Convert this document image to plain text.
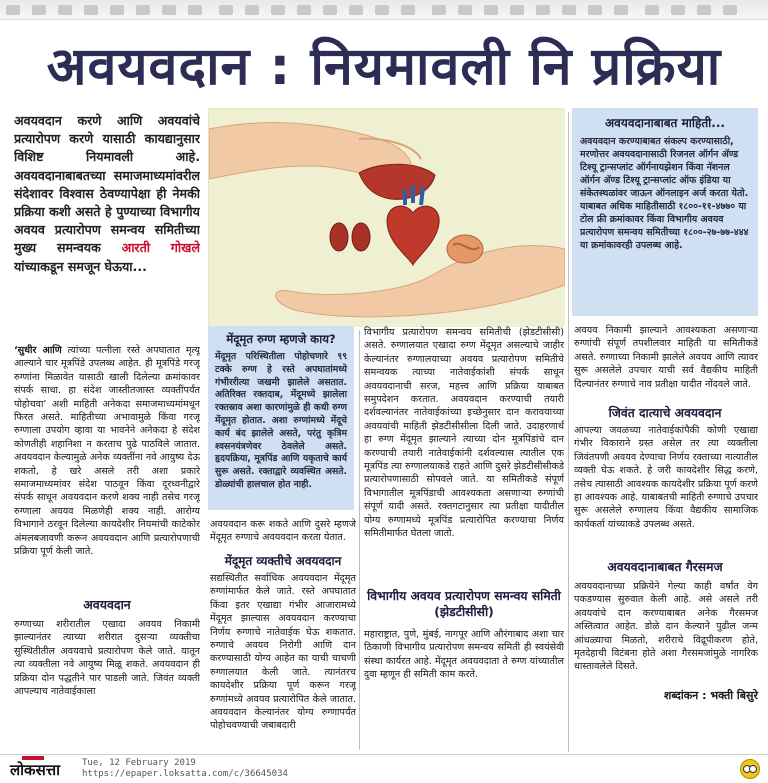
अवयवदान : नियमावली नि प्रक्रिया
अवयवदान करणे आणि अवयवांचे प्रत्यारोपण करणे यासाठी कायद्यानुसार विशिष्ट नियमावली आहे. अवयवदानाबाबतच्या समाजमाध्यमांवरील संदेशावर विश्वास ठेवण्यापेक्षा ही नेमकी प्रक्रिया कशी असते हे पुण्याच्या विभागीय अवयव प्रत्यारोपण समन्वय समितीच्या मुख्य समन्वयक आरती गोखले यांच्याकडून समजून घेऊया...
‘सुधीर आणि त्यांच्या पत्नीला रस्ते अपघातात मृत्यू आल्याने चार मूत्रपिंडे उपलब्ध आहेत. ही मूत्रपिंडे गरजू रुग्णांना मिळावेत यासाठी खाली दिलेल्या क्रमांकावर संपर्क साधा. हा संदेश जास्तीतजास्त व्यक्तींपर्यंत पोहोचवा’ अशी माहिती अनेकदा समाजमाध्यमांमधून फिरत असते. माहितीच्या अभावामुळे किंवा गरजू रुग्णाला उपयोग व्हावा या भावनेने अनेकदा हे संदेश कोणतीही शहानिशा न करताच पुढे पाठविले जातात. अवयवदान केल्यामुळे अनेक व्यक्तींना नवे आयुष्य देऊ शकतो, हे खरे असले तरी अशा प्रकारे समाजमाध्यमांवर संदेश पाठवून किंवा दूरध्वनीद्वारे संपर्क साधून अवयवदान करणे शक्य नाही तसेच गरजू रुग्णाला अवयव मिळणेही शक्य नाही. आरोग्य विभागाने ठरवून दिलेल्या कायदेशीर नियमांची काटेकोर अंमलबजावणी करून अवयवदान आणि प्रत्यारोपणाची प्रक्रिया पूर्ण केली जाते.
अवयवदान
रुग्णाच्या शरीरातील एखादा अवयव निकामी झाल्यानंतर त्याच्या शरीरात दुसऱ्या व्यक्तीचा सुस्थितीतील अवयवाचे प्रत्यारोपण केले जाते. यातून त्या व्यक्तीला नवे आयुष्य मिळू शकते. अवयवदान ही प्रक्रिया दोन पद्धतीने पार पाडली जाते. जिवंत व्यक्ती आपल्याच नातेवाईकाला
मेंदूमृत रुग्ण म्हणजे काय?

मेंदूमृत परिस्थितीला पोहोचणारे ९९ टक्के रुग्ण हे रस्ते अपघातांमध्ये गंभीररीत्या जखमी झालेले असतात. अतिरिक्त रक्तदाब, मेंदूमध्ये झालेला रक्तस्राव अशा कारणांमुळे ही कधी रुग्ण मेंदूमृत होतात. अशा रुग्णांमध्ये मेंदूचे कार्य बंद झालेले असते, परंतु कृत्रिम श्वसनयंत्रणेवर ठेवलेले असते. हृदयक्रिया, मूत्रपिंड आणि यकृताचे कार्य सुरू असते. रक्ताद्वारे व्यवस्थित असते. डोळ्यांची हालचाल होत नाही.

अवयवदान करू शकते आणि दुसरे म्हणजे मेंदूमृत रुग्णाचे अवयवदान करता येतात.
मेंदूमृत व्यक्तीचे अवयवदान
सद्यस्थितीत सर्वाधिक अवयवदान मेंदूमृत रुग्णांमार्फत केले जाते. रस्ते अपघातात किंवा इतर एखाद्या गंभीर आजारामध्ये मेंदूमृत झाल्यास अवयवदान करण्याचा निर्णय रुग्णाचे नातेवाईक घेऊ शकतात. रुग्णाचे अवयव निरोगी आणि दान करण्यासाठी योग्य आहेत का याची चाचणी रुग्णालयात केली जाते. त्यानंतरच कायदेशीर प्रक्रिया पूर्ण करून गरजू रुग्णांमध्ये अवयव प्रत्यारोपित केले जातात. अवयवदान केल्यानंतर योग्य रुग्णापर्यंत पोहोचवण्याची जबाबदारी
विभागीय प्रत्यारोपण समन्वय समितीची (झेडटीसीसी) असते. रुग्णालयात एखादा रुग्ण मेंदूमृत असल्याचे जाहीर केल्यानंतर रुग्णालयाच्या अवयव प्रत्यारोपण समितीचे समन्वयक त्याच्या नातेवाईकांशी संपर्क साधून अवयवदानाची सरज, महत्त्व आणि प्रक्रिया याबाबत समुपदेशन करतात. अवयवदान करण्याची तयारी दर्शवल्यानंतर नातेवाईकांच्या इच्छेनुसार दान करावयाच्या अवयवांची माहिती झेडटीसीसीला दिली जाते. उदाहरणार्थ हा रुग्ण मेंदूमृत झाल्याने त्याच्या दोन मूत्रपिंडांचे दान करण्याची तयारी नातेवाईकांनी दर्शवल्यास त्यातील एक मूत्रपिंड त्या रुग्णालयाकडे राहते आणि दुसरे झेडटीसीसीकडे प्रत्यारोपणासाठी सोपवले जाते. या समितीकडे संपूर्ण विभागातील मूत्रपिंडाची आवश्यकता असणाऱ्या रुग्णांची संपूर्ण यादी असते. रक्तगटानुसार त्या प्रतीक्षा यादीतील योग्य रुग्णामध्ये मूत्रपिंड प्रत्यारोपित करण्याचा निर्णय समितीमार्फत घेतला जातो.
विभागीय अवयव प्रत्यारोपण समन्वय समिती (झेडटीसीसी)
महाराष्ट्रात, पुणे, मुंबई, नागपूर आणि औरंगाबाद अशा चार ठिकाणी विभागीय प्रत्यारोपण समन्वय समिती ही स्वयंसेवी संस्था कार्यरत आहे. मेंदूमृत अवयवदाता ते रुग्ण यांच्यातील दुवा म्हणून ही समिती काम करते.
अवयवदानाबाबत माहिती...

अवयवदान करण्याबाबत संकल्प करण्यासाठी, मरणोत्तर अवयवदानासाठी रिजनल ऑर्गन अ‍ॅण्ड टिश्यू ट्रान्सप्लांट ऑर्गनायझेशन किंवा नॅशनल ऑर्गन अ‍ॅण्ड टिश्यू ट्रान्सप्लांट ऑफ इंडिया या संकेतस्थळांवर जाऊन ऑनलाइन अर्ज करता येतो. याबाबत अधिक माहितीसाठी १८००-११-४७७० या टोल फ्री क्रमांकावर किंवा विभागीय अवयव प्रत्यारोपण समन्वय समितीच्या १८००-२७-७७-४४४ या क्रमांकावरही उपलब्ध आहे.

अवयव निकामी झाल्याने आवश्यकता असणाऱ्या रुग्णांची संपूर्ण तपशीलवार माहिती या समितीकडे असते. रुग्णाच्या निकामी झालेले अवयव आणि त्यावर सुरू असलेले उपचार याची सर्व वैद्यकीय माहिती दिल्यानंतर रुग्णाचे नाव प्रतीक्षा यादीत नोंदवले जाते.
जिवंत दात्याचे अवयवदान
आपल्या जवळच्या नातेवाईकांपैकी कोणी एखाद्या गंभीर विकाराने ग्रस्त असेल तर त्या व्यक्तीला जिवंतपणी अवयव देण्याचा निर्णय रक्ताच्या नात्यातील व्यक्ती घेऊ शकते. हे जरी कायदेशीर सिद्ध करणे, तसेच त्यासाठी आवश्यक कायदेशीर प्रक्रिया पूर्ण करणे हा आवश्यक आहे. याबाबतची माहिती रुग्णाचे उपचार सुरू असलेले रुग्णालय किंवा वैद्यकीय सामाजिक कार्यकर्ता यांच्याकडे उपलब्ध असते.
अवयवदानाबाबत गैरसमज
अवयवदानाच्या प्रक्रियेने गेल्या काही वर्षांत वेग पकडण्यास सुरुवात केली आहे. असे असले तरी अवयवांचे दान करण्याबाबत अनेक गैरसमज अस्तित्वात आहेत. डोळे दान केल्याने पुढील जन्म आंधळ्याचा मिळतो, शरीराचे विद्रूपीकरण होते, मृतदेहाची विटंबना होते अशा गैरसमजांमुळे नागरिक धास्तावलेले दिसते.
शब्दांकन : भक्ती बिसुरे
लोकसत्ता Tue, 12 February 2019
https://epaper.loksatta.com/c/36645034
